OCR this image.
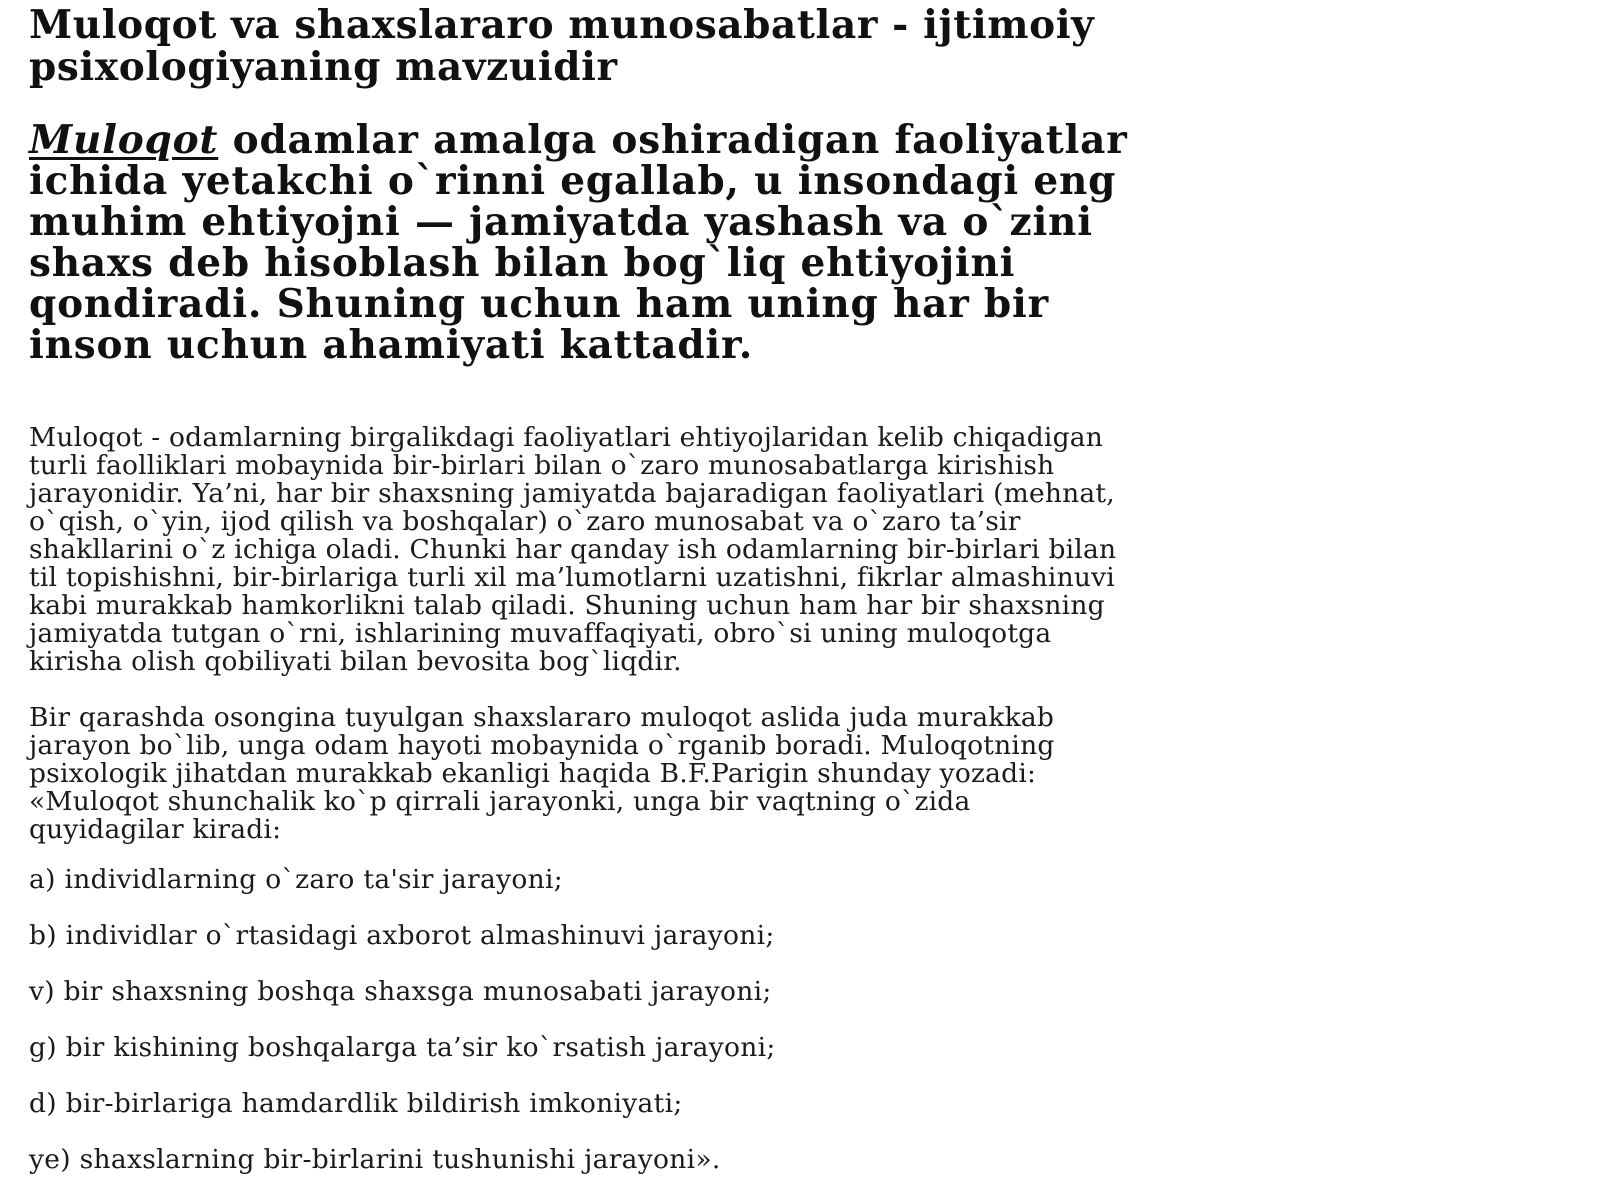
Muloqot va shaxslararo munosabatlar - ijtimoiy
psixologiyaning mavzuidir

Muloqot odamlar amalga oshiradigan faoliyatlar
ichida yetakchi o`rinni egallab, u insondagi eng
muhim ehtiyojni — jamiyatda yashash va o`zini
shaxs deb hisoblash bilan bog`liq ehtiyojini
qondiradi. Shuning uchun ham uning har bir
inson uchun ahamiyati kattadir.

Muloqot - odamlarning birgalikdagi faoliyatlari ehtiyojlaridan kelib chiqadigan
turli faolliklari mobaynida bir-birlari bilan o`zaro munosabatlarga kirishish
jarayonidir. Ya’ni, har bir shaxsning jamiyatda bajaradigan faoliyatlari (mehnat,
o`qish, o`yin, ijod qilish va boshqalar) o`zaro munosabat va o`zaro ta’sir
shakllarini o`z ichiga oladi. Chunki har qanday ish odamlarning bir-birlari bilan
til topishishni, bir-birlariga turli xil ma’lumotlarni uzatishni, fikrlar almashinuvi
kabi murakkab hamkorlikni talab qiladi. Shuning uchun ham har bir shaxsning
jamiyatda tutgan o`rni, ishlarining muvaffaqiyati, obro`si uning muloqotga
kirisha olish qobiliyati bilan bevosita bog`liqdir.

Bir qarashda osongina tuyulgan shaxslararo muloqot aslida juda murakkab
jarayon bo`lib, unga odam hayoti mobaynida o`rganib boradi. Muloqotning
psixologik jihatdan murakkab ekanligi haqida B.F.Parigin shunday yozadi:
«Muloqot shunchalik ko`p qirrali jarayonki, unga bir vaqtning o`zida
quyidagilar kiradi:

a) individlarning o`zaro ta'sir jarayoni;
b) individlar o`rtasidagi axborot almashinuvi jarayoni;
v) bir shaxsning boshqa shaxsga munosabati jarayoni;
g) bir kishining boshqalarga ta’sir ko`rsatish jarayoni;
d) bir-birlariga hamdardlik bildirish imkoniyati;
ye) shaxslarning bir-birlarini tushunishi jarayoni».
